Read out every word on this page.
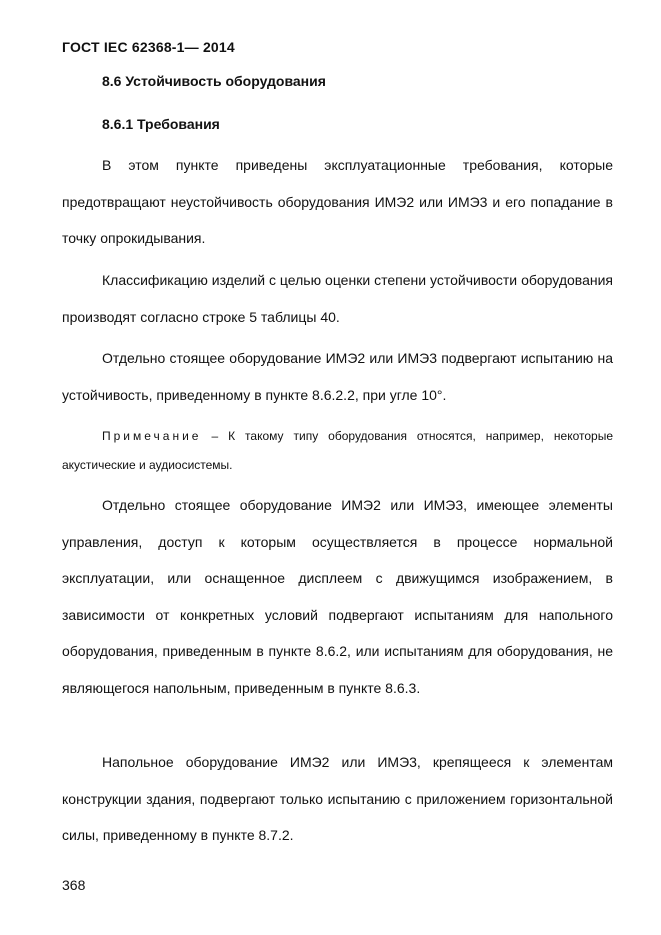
ГОСТ IEC 62368-1— 2014
8.6 Устойчивость оборудования
8.6.1 Требования

В этом пункте приведены эксплуатационные требования, которые предотвращают неустойчивость оборудования ИМЭ2 или ИМЭ3 и его попадание в точку опрокидывания.

Классификацию изделий с целью оценки степени устойчивости оборудования производят согласно строке 5 таблицы 40.

Отдельно стоящее оборудование ИМЭ2 или ИМЭ3 подвергают испытанию на устойчивость, приведенному в пункте 8.6.2.2, при угле 10°.

Примечание – К такому типу оборудования относятся, например, некоторые акустические и аудиосистемы.

Отдельно стоящее оборудование ИМЭ2 или ИМЭ3, имеющее элементы управления, доступ к которым осуществляется в процессе нормальной эксплуатации, или оснащенное дисплеем с движущимся изображением, в зависимости от конкретных условий подвергают испытаниям для напольного оборудования, приведенным в пункте 8.6.2, или испытаниям для оборудования, не являющегося напольным, приведенным в пункте 8.6.3.

Напольное оборудование ИМЭ2 или ИМЭ3, крепящееся к элементам конструкции здания, подвергают только испытанию с приложением горизонтальной силы, приведенному в пункте 8.7.2.

368
